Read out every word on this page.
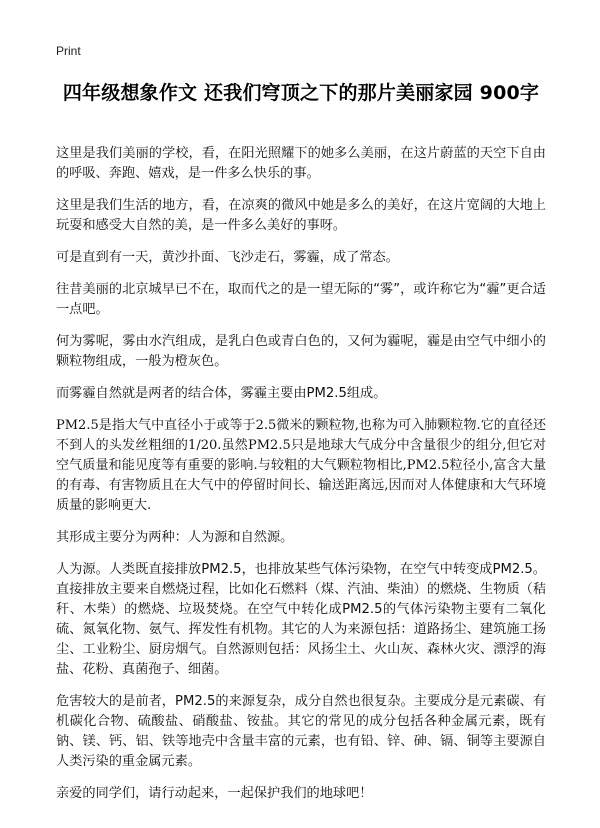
Print
四年级想象作文 还我们穹顶之下的那片美丽家园 900字

这里是我们美丽的学校，看，在阳光照耀下的她多么美丽，在这片蔚蓝的天空下自由的呼吸、奔跑、嬉戏，是一件多么快乐的事。

这里是我们生活的地方，看，在凉爽的微风中她是多么的美好，在这片宽阔的大地上玩耍和感受大自然的美，是一件多么美好的事呀。

可是直到有一天，黄沙扑面、飞沙走石，雾霾，成了常态。

往昔美丽的北京城早已不在，取而代之的是一望无际的“雾”，或许称它为“霾”更合适一点吧。

何为雾呢，雾由水汽组成，是乳白色或青白色的，又何为霾呢，霾是由空气中细小的颗粒物组成，一般为橙灰色。

而雾霾自然就是两者的结合体，雾霾主要由PM2.5组成。

PM2.5是指大气中直径小于或等于2.5微米的颗粒物,也称为可入肺颗粒物.它的直径还不到人的头发丝粗细的1/20.虽然PM2.5只是地球大气成分中含量很少的组分,但它对空气质量和能见度等有重要的影响.与较粗的大气颗粒物相比,PM2.5粒径小,富含大量的有毒、有害物质且在大气中的停留时间长、输送距离远,因而对人体健康和大气环境质量的影响更大.

其形成主要分为两种：人为源和自然源。

人为源。人类既直接排放PM2.5，也排放某些气体污染物，在空气中转变成PM2.5。直接排放主要来自燃烧过程，比如化石燃料（煤、汽油、柴油）的燃烧、生物质（秸秆、木柴）的燃烧、垃圾焚烧。在空气中转化成PM2.5的气体污染物主要有二氧化硫、氮氧化物、氨气、挥发性有机物。其它的人为来源包括：道路扬尘、建筑施工扬尘、工业粉尘、厨房烟气。自然源则包括：风扬尘土、火山灰、森林火灾、漂浮的海盐、花粉、真菌孢子、细菌。

危害较大的是前者，PM2.5的来源复杂，成分自然也很复杂。主要成分是元素碳、有机碳化合物、硫酸盐、硝酸盐、铵盐。其它的常见的成分包括各种金属元素，既有钠、镁、钙、铝、铁等地壳中含量丰富的元素，也有铅、锌、砷、镉、铜等主要源自人类污染的重金属元素。

亲爱的同学们，请行动起来，一起保护我们的地球吧！
